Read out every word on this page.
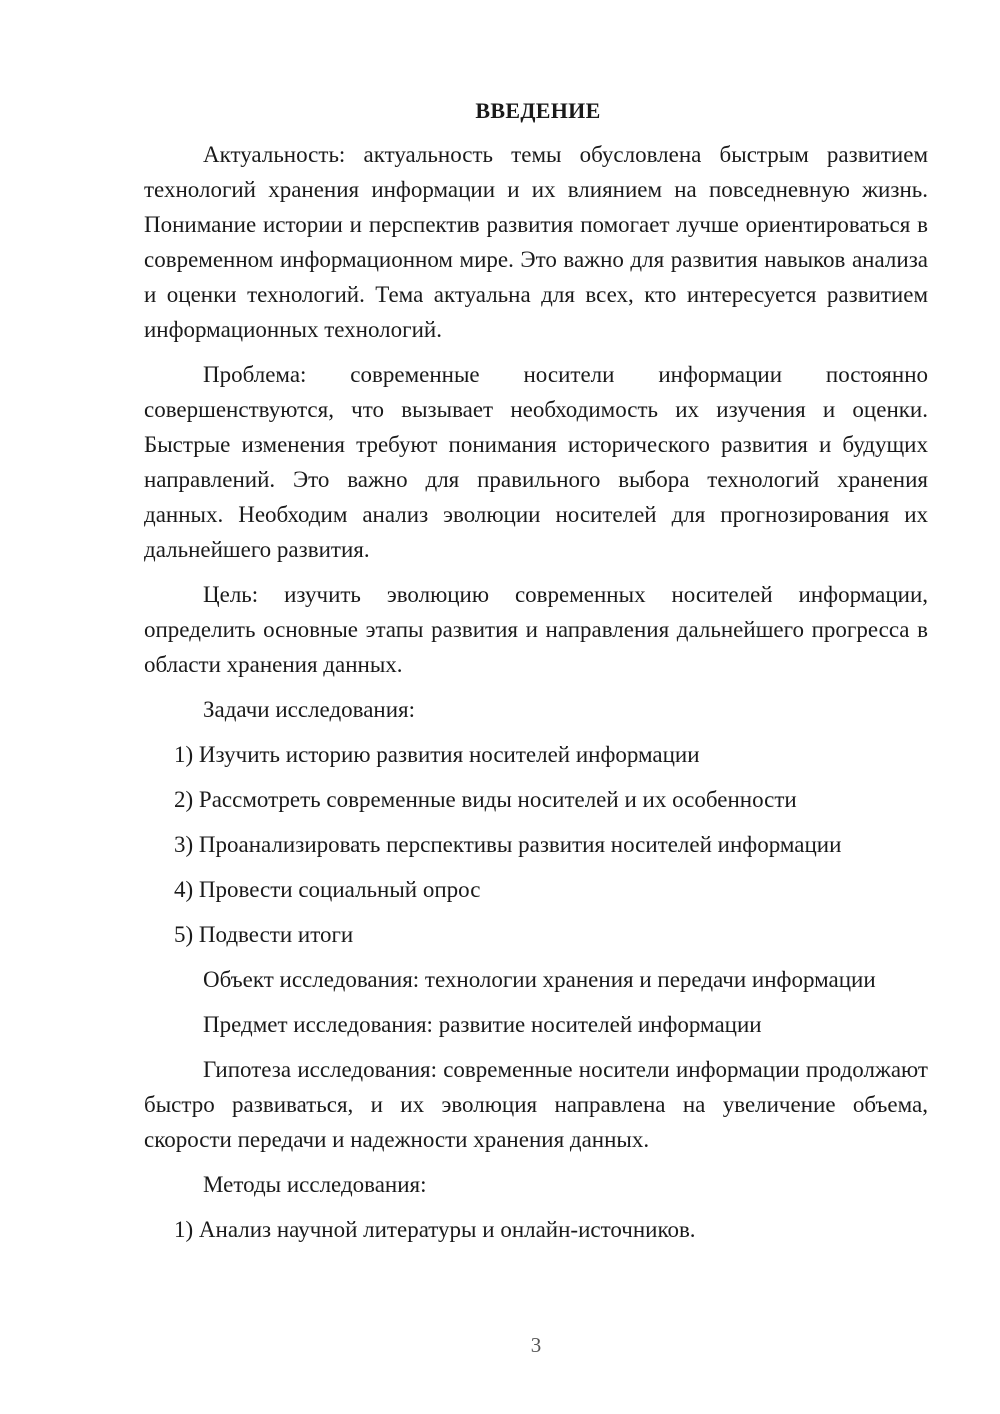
ВВЕДЕНИЕ

Актуальность: актуальность темы обусловлена быстрым развитием технологий хранения информации и их влиянием на повседневную жизнь. Понимание истории и перспектив развития помогает лучше ориентироваться в современном информационном мире. Это важно для развития навыков анализа и оценки технологий. Тема актуальна для всех, кто интересуется развитием информационных технологий.

Проблема: современные носители информации постоянно совершенствуются, что вызывает необходимость их изучения и оценки. Быстрые изменения требуют понимания исторического развития и будущих направлений. Это важно для правильного выбора технологий хранения данных. Необходим анализ эволюции носителей для прогнозирования их дальнейшего развития.

Цель: изучить эволюцию современных носителей информации, определить основные этапы развития и направления дальнейшего прогресса в области хранения данных.

Задачи исследования:

1) Изучить историю развития носителей информации
2) Рассмотреть современные виды носителей и их особенности
3) Проанализировать перспективы развития носителей информации
4) Провести социальный опрос
5) Подвести итоги

Объект исследования: технологии хранения и передачи информации

Предмет исследования: развитие носителей информации

Гипотеза исследования: современные носители информации продолжают быстро развиваться, и их эволюция направлена на увеличение объема, скорости передачи и надежности хранения данных.

Методы исследования:

1) Анализ научной литературы и онлайн-источников.
3
